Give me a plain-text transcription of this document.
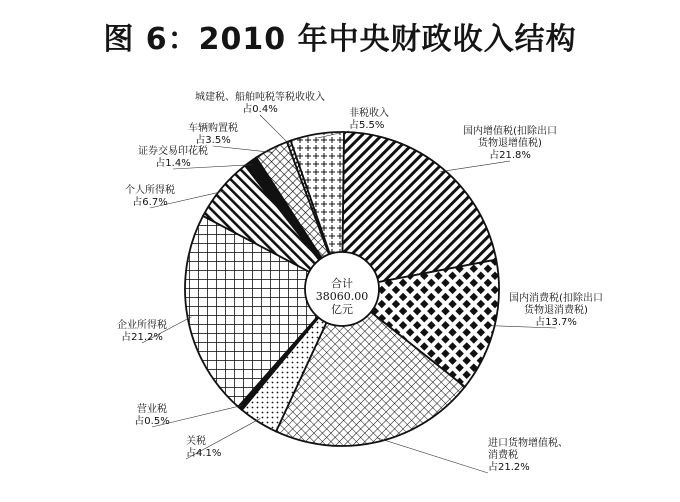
图 6：2010 年中央财政收入结构
国内增值税(扣除出口
货物退增值税)
占21.8%
国内消费税(扣除出口
货物退消费税)
占13.7%
进口货物增值税、
消费税
占21.2%
关税
占4.1%
营业税
占0.5%
企业所得税
占21.2%
个人所得税
占6.7%
证券交易印花税
占1.4%
车辆购置税
占3.5%
城建税、船舶吨税等税收收入
占0.4%	非税收入
占5.5%
合计
38060.00
亿元
